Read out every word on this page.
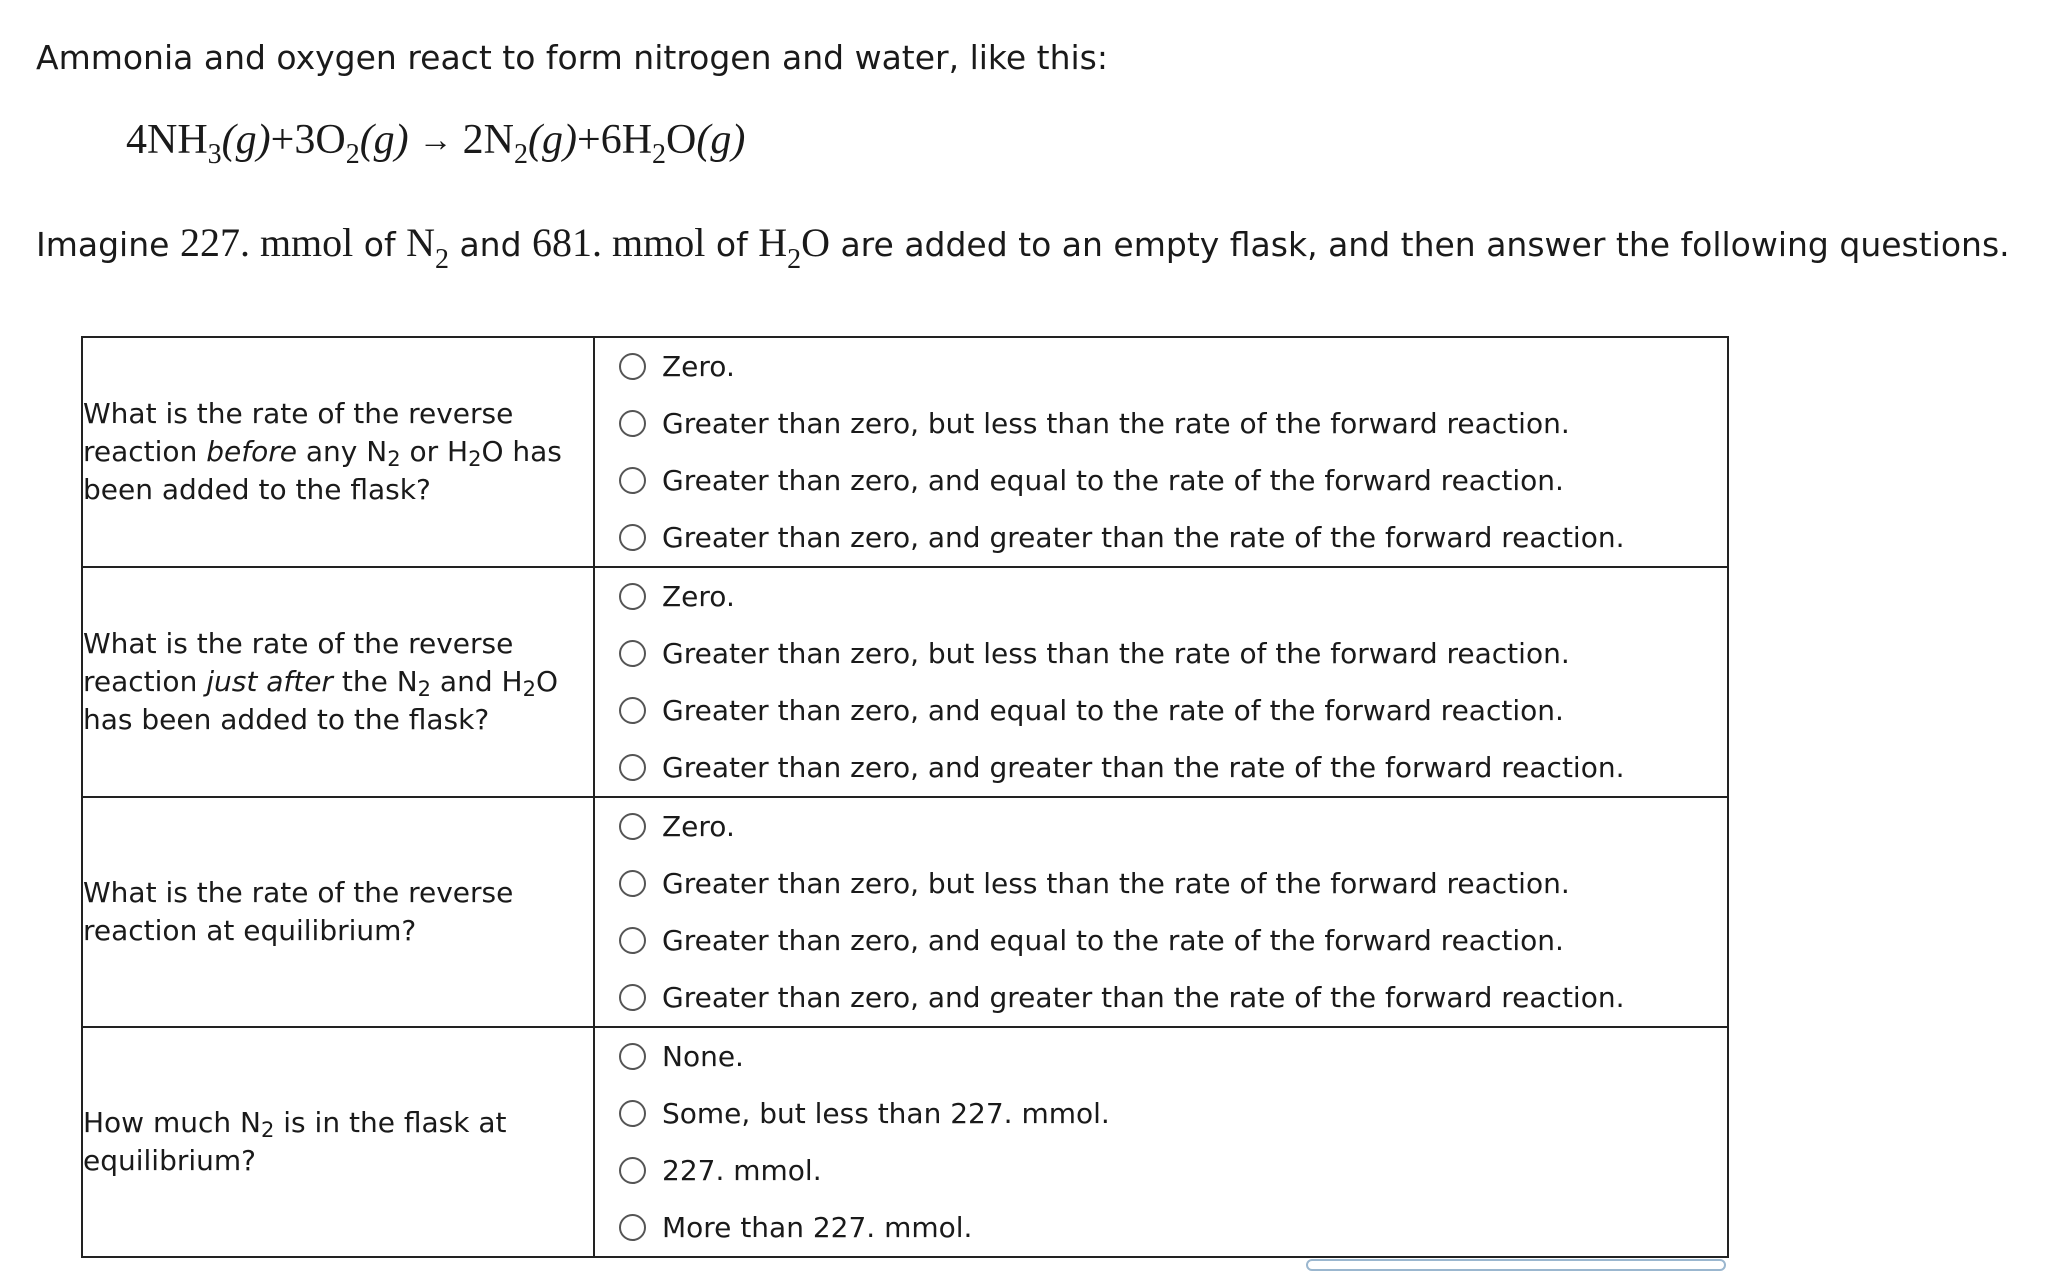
Ammonia and oxygen react to form nitrogen and water, like this:
$4NH_3(g)+3O_2(g) \to 2N_2(g)+6H_2O(g)$
Imagine 227. mmol of $N_2$ and 681. mmol of $H_2O$ are added to an empty flask, and then answer the following questions.
What is the rate of the reverse reaction before any $N_2$ or $H_2O$ has been added to the flask?	Zero.
Greater than zero, but less than the rate of the forward reaction.
Greater than zero, and equal to the rate of the forward reaction.
Greater than zero, and greater than the rate of the forward reaction.

What is the rate of the reverse reaction just after the $N_2$ and $H_2O$ has been added to the flask?	Zero.
Greater than zero, but less than the rate of the forward reaction.
Greater than zero, and equal to the rate of the forward reaction.
Greater than zero, and greater than the rate of the forward reaction.

What is the rate of the reverse reaction at equilibrium?	Zero.
Greater than zero, but less than the rate of the forward reaction.
Greater than zero, and equal to the rate of the forward reaction.
Greater than zero, and greater than the rate of the forward reaction.

How much $N_2$ is in the flask at equilibrium?	None.
Some, but less than 227. mmol.
227. mmol.
More than 227. mmol.
